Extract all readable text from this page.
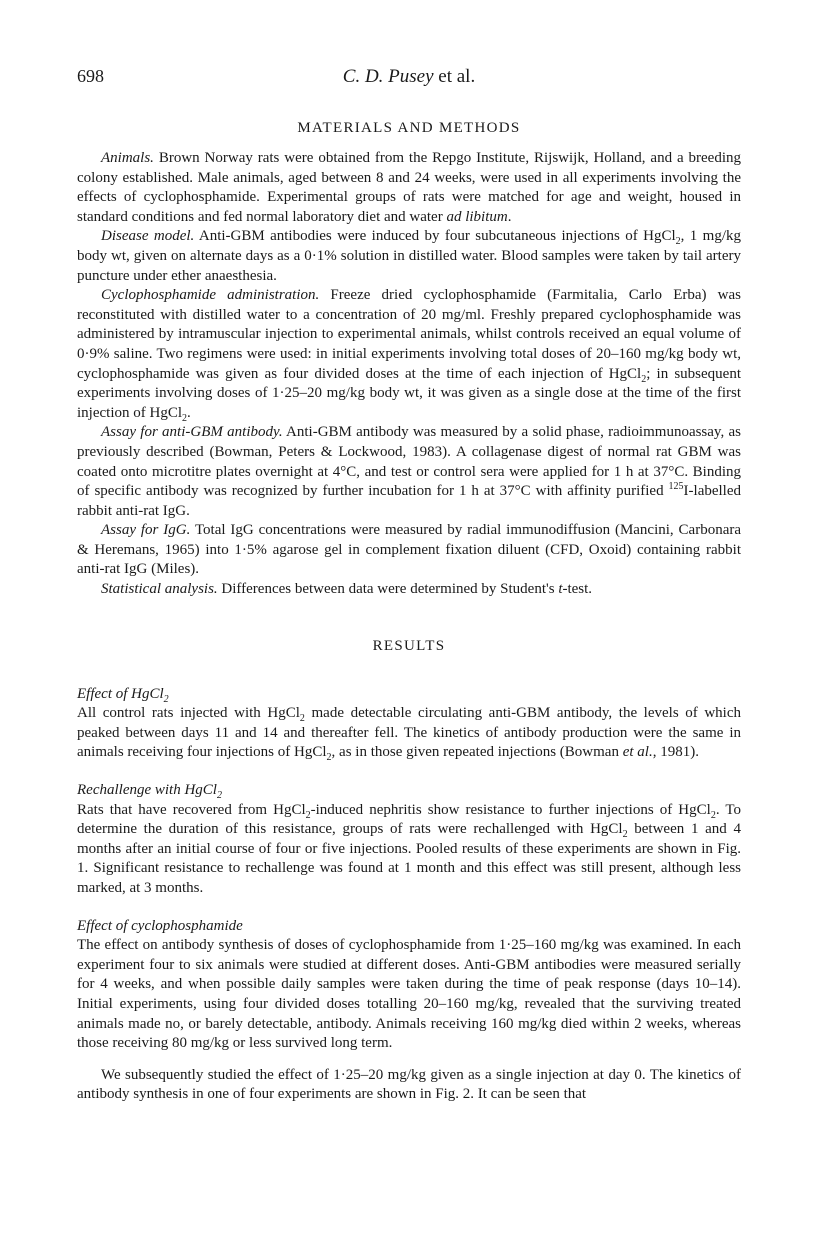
698	C. D. Pusey et al.
MATERIALS AND METHODS

Animals. Brown Norway rats were obtained from the Repgo Institute, Rijswijk, Holland, and a breeding colony established. Male animals, aged between 8 and 24 weeks, were used in all experiments involving the effects of cyclophosphamide. Experimental groups of rats were matched for age and weight, housed in standard conditions and fed normal laboratory diet and water ad libitum.

Disease model. Anti-GBM antibodies were induced by four subcutaneous injections of HgCl$_2$, 1 mg/kg body wt, given on alternate days as a 0·1% solution in distilled water. Blood samples were taken by tail artery puncture under ether anaesthesia.

Cyclophosphamide administration. Freeze dried cyclophosphamide (Farmitalia, Carlo Erba) was reconstituted with distilled water to a concentration of 20 mg/ml. Freshly prepared cyclophosphamide was administered by intramuscular injection to experimental animals, whilst controls received an equal volume of 0·9% saline. Two regimens were used: in initial experiments involving total doses of 20–160 mg/kg body wt, cyclophosphamide was given as four divided doses at the time of each injection of HgCl$_2$; in subsequent experiments involving doses of 1·25–20 mg/kg body wt, it was given as a single dose at the time of the first injection of HgCl$_2$.

Assay for anti-GBM antibody. Anti-GBM antibody was measured by a solid phase, radioimmunoassay, as previously described (Bowman, Peters & Lockwood, 1983). A collagenase digest of normal rat GBM was coated onto microtitre plates overnight at 4°C, and test or control sera were applied for 1 h at 37°C. Binding of specific antibody was recognized by further incubation for 1 h at 37°C with affinity purified $^{125}$I-labelled rabbit anti-rat IgG.

Assay for IgG. Total IgG concentrations were measured by radial immunodiffusion (Mancini, Carbonara & Heremans, 1965) into 1·5% agarose gel in complement fixation diluent (CFD, Oxoid) containing rabbit anti-rat IgG (Miles).

Statistical analysis. Differences between data were determined by Student's t-test.

RESULTS
Effect of HgCl$_2$

All control rats injected with HgCl$_2$ made detectable circulating anti-GBM antibody, the levels of which peaked between days 11 and 14 and thereafter fell. The kinetics of antibody production were the same in animals receiving four injections of HgCl$_2$, as in those given repeated injections (Bowman et al., 1981).

Rechallenge with HgCl$_2$

Rats that have recovered from HgCl$_2$-induced nephritis show resistance to further injections of HgCl$_2$. To determine the duration of this resistance, groups of rats were rechallenged with HgCl$_2$ between 1 and 4 months after an initial course of four or five injections. Pooled results of these experiments are shown in Fig. 1. Significant resistance to rechallenge was found at 1 month and this effect was still present, although less marked, at 3 months.

Effect of cyclophosphamide

The effect on antibody synthesis of doses of cyclophosphamide from 1·25–160 mg/kg was examined. In each experiment four to six animals were studied at different doses. Anti-GBM antibodies were measured serially for 4 weeks, and when possible daily samples were taken during the time of peak response (days 10–14). Initial experiments, using four divided doses totalling 20–160 mg/kg, revealed that the surviving treated animals made no, or barely detectable, antibody. Animals receiving 160 mg/kg died within 2 weeks, whereas those receiving 80 mg/kg or less survived long term.

We subsequently studied the effect of 1·25–20 mg/kg given as a single injection at day 0. The kinetics of antibody synthesis in one of four experiments are shown in Fig. 2. It can be seen that
